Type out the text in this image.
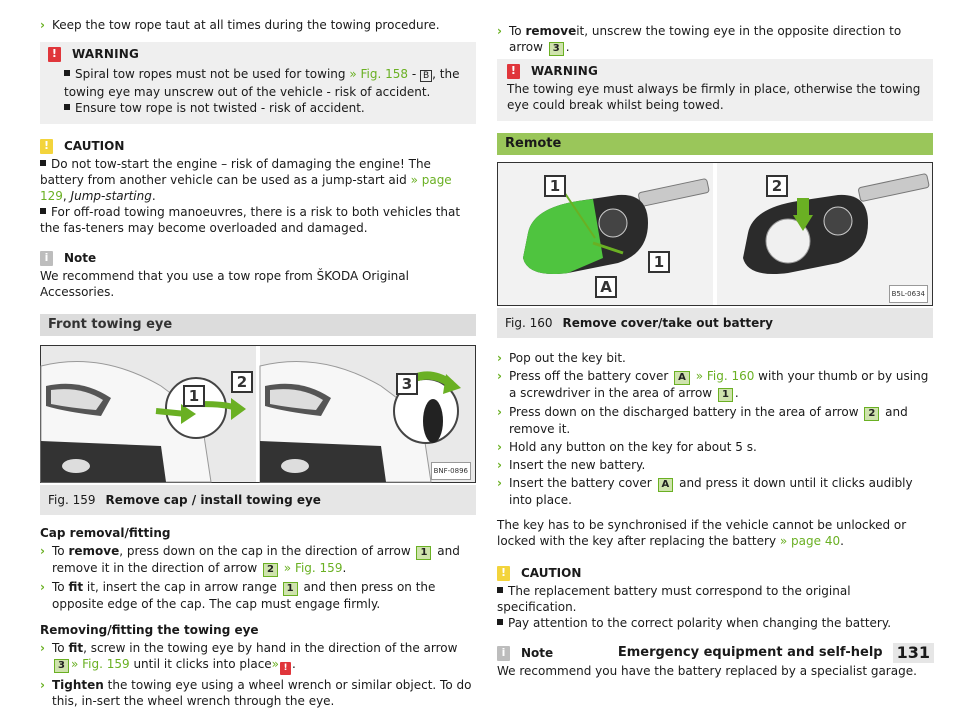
› Keep the tow rope taut at all times during the towing procedure.
!	WARNING
Spiral tow ropes must not be used for towing » Fig. 158 - B , the towing eye may unscrew out of the vehicle - risk of accident.
Ensure tow rope is not twisted - risk of accident.
!	CAUTION
Do not tow-start the engine – risk of damaging the engine! The battery from another vehicle can be used as a jump-start aid » page 129, Jump-starting.
For off-road towing manoeuvres, there is a risk to both vehicles that the fas-teners may become overloaded and damaged.
i	Note
We recommend that you use a tow rope from ŠKODA Original Accessories.
Front towing eye
1
2	3
BNF-0896
Fig. 159 Remove cap / install towing eye
Cap removal/fitting
› To remove, press down on the cap in the direction of arrow 1 and remove it in the direction of arrow 2 » Fig. 159.
› To fit it, insert the cap in arrow range 1 and then press on the opposite edge of the cap. The cap must engage firmly.
Removing/fitting the towing eye
› To fit, screw in the towing eye by hand in the direction of the arrow 3 » Fig. 159 until it clicks into place» ! .
› Tighten the towing eye using a wheel wrench or similar object. To do this, in-sert the wheel wrench through the eye.
› To removeit, unscrew the towing eye in the opposite direction to arrow 3 .
!	WARNING
The towing eye must always be firmly in place, otherwise the towing eye could break whilst being towed.
Remote
1	2
1
A	B5L-0634
Fig. 160 Remove cover/take out battery
› Pop out the key bit.
› Press off the battery cover A » Fig. 160 with your thumb or by using a screwdriver in the area of arrow 1 .
› Press down on the discharged battery in the area of arrow 2 and remove it.
› Hold any button on the key for about 5 s.
› Insert the new battery.
› Insert the battery cover A and press it down until it clicks audibly into place.
The key has to be synchronised if the vehicle cannot be unlocked or locked with the key after replacing the battery » page 40.
!	CAUTION
The replacement battery must correspond to the original specification.
Pay attention to the correct polarity when changing the battery.
i	Note
We recommend you have the battery replaced by a specialist garage.
Emergency equipment and self-help 131
